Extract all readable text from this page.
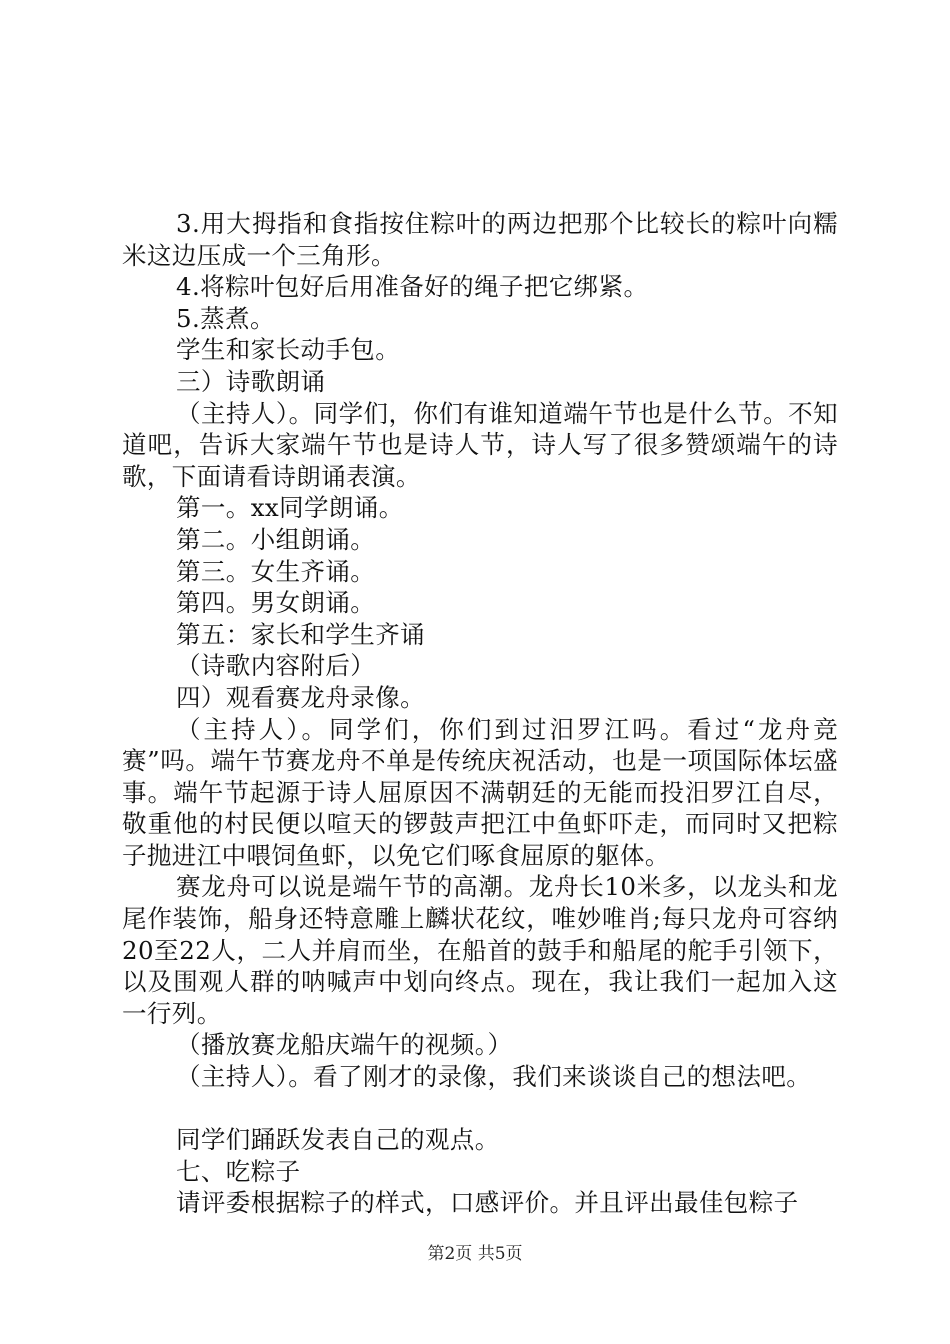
3.用大拇指和食指按住粽叶的两边把那个比较长的粽叶向糯米这边压成一个三角形。

4.将粽叶包好后用准备好的绳子把它绑紧。

5.蒸煮。

学生和家长动手包。

三）诗歌朗诵

（主持人）。同学们，你们有谁知道端午节也是什么节。不知道吧，告诉大家端午节也是诗人节，诗人写了很多赞颂端午的诗歌，下面请看诗朗诵表演。

第一。xx同学朗诵。

第二。小组朗诵。

第三。女生齐诵。

第四。男女朗诵。

第五：家长和学生齐诵

（诗歌内容附后）

四）观看赛龙舟录像。

（主持人）。同学们，你们到过汨罗江吗。看过“龙舟竞赛”吗。端午节赛龙舟不单是传统庆祝活动，也是一项国际体坛盛事。端午节起源于诗人屈原因不满朝廷的无能而投汨罗江自尽，敬重他的村民便以喧天的锣鼓声把江中鱼虾吓走，而同时又把粽子抛进江中喂饲鱼虾，以免它们啄食屈原的躯体。

赛龙舟可以说是端午节的高潮。龙舟长10米多，以龙头和龙尾作装饰，船身还特意雕上麟状花纹，唯妙唯肖;每只龙舟可容纳20至22人，二人并肩而坐，在船首的鼓手和船尾的舵手引领下，以及围观人群的呐喊声中划向终点。现在，我让我们一起加入这一行列。

（播放赛龙船庆端午的视频。）

（主持人）。看了刚才的录像，我们来谈谈自己的想法吧。

同学们踊跃发表自己的观点。

七、吃粽子

请评委根据粽子的样式，口感评价。并且评出最佳包粽子

第2页 共5页
